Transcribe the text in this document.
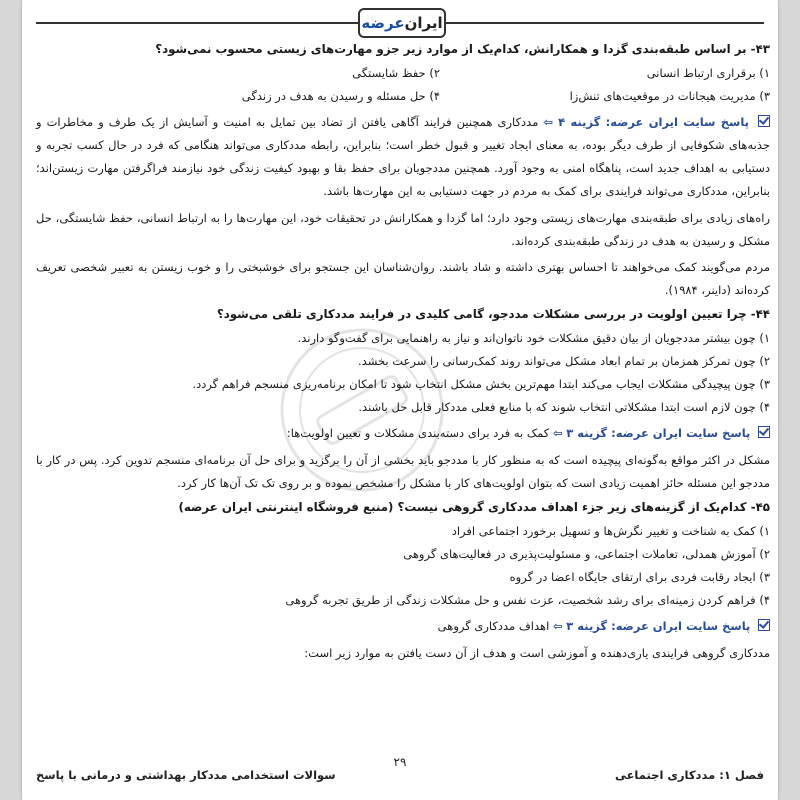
ایران
عرضه
۴۳- بر اساس طبقه‌بندی گزدا و همکارانش، کدام‌یک از موارد زیر جزو مهارت‌های زیستی محسوب نمی‌شود؟
۱) برقراری ارتباط انسانی
۲) حفظ شایستگی
۳) مدیریت هیجانات در موقعیت‌های تنش‌زا
۴) حل مسئله و رسیدن به هدف در زندگی
پاسخ سایت ایران عرضه: گزینه ۴ ⇦ مددکاری همچنین فرایند آگاهی یافتن از تضاد بین تمایل به امنیت و آسایش از یک طرف و مخاطرات و جذبه‌های شکوفایی از طرف دیگر بوده، به معنای ایجاد تغییر و قبول خطر است؛ بنابراین، رابطه مددکاری می‌تواند هنگامی که فرد در حال کسب تجربه و دستیابی به اهداف جدید است، پناهگاه امنی به وجود آورد. همچنین مددجویان برای حفظ بقا و بهبود کیفیت زندگی خود نیازمند فراگرفتن مهارت زیستن‌اند؛ بنابراین، مددکاری می‌تواند فرایندی برای کمک به مردم در جهت دستیابی به این مهارت‌ها باشد.
راه‌های زیادی برای طبقه‌بندی مهارت‌های زیستی وجود دارد؛ اما گزدا و همکارانش در تحقیقات خود، این مهارت‌ها را به ارتباط انسانی، حفظ شایستگی، حل مشکل و رسیدن به هدف در زندگی طبقه‌بندی کرده‌اند.
مردم می‌گویند کمک می‌خواهند تا احساس بهتری داشته و شاد باشند. روان‌شناسان این جستجو برای خوشبختی را و خوب زیستن به تعبیر شخصی تعریف کرده‌اند (داینر، ۱۹۸۴).
۴۴- چرا تعیین اولویت در بررسی مشکلات مددجو، گامی کلیدی در فرایند مددکاری تلقی می‌شود؟
۱) چون بیشتر مددجویان از بیان دقیق مشکلات خود ناتوان‌اند و نیاز به راهنمایی برای گفت‌وگو دارند.
۲) چون تمرکز همزمان بر تمام ابعاد مشکل می‌تواند روند کمک‌رسانی را سرعت بخشد.
۳) چون پیچیدگی مشکلات ایجاب می‌کند ابتدا مهم‌ترین بخش مشکل انتخاب شود تا امکان برنامه‌ریزی منسجم فراهم گردد.
۴) چون لازم است ابتدا مشکلاتی انتخاب شوند که با منابع فعلی مددکار قابل حل باشند.
پاسخ سایت ایران عرضه: گزینه ۳ ⇦ کمک به فرد برای دسته‌بندی مشکلات و تعیین اولویت‌ها:
مشکل در اکثر مواقع به‌گونه‌ای پیچیده است که به منظور کار با مددجو باید بخشی از آن را برگزید و برای حل آن برنامه‌ای منسجم تدوین کرد. پس در کار با مددجو این مسئله حائز اهمیت زیادی است که بتوان اولویت‌های کار با مشکل را مشخص نموده و بر روی تک تک آن‌ها کار کرد.
۴۵- کدام‌یک از گزینه‌های زیر جزء اهداف مددکاری گروهی نیست؟ (منبع فروشگاه اینترنتی ایران عرضه)
۱) کمک به شناخت و تغییر نگرش‌ها و تسهیل برخورد اجتماعی افراد
۲) آموزش همدلی، تعاملات اجتماعی، و مسئولیت‌پذیری در فعالیت‌های گروهی
۳) ایجاد رقابت فردی برای ارتقای جایگاه اعضا در گروه
۴) فراهم کردن زمینه‌ای برای رشد شخصیت، عزت نفس و حل مشکلات زندگی از طریق تجربه گروهی
پاسخ سایت ایران عرضه: گزینه ۳ ⇦ اهداف مددکاری گروهی
مددکاری گروهی فرایندی یاری‌دهنده و آموزشی است و هدف از آن دست یافتن به موارد زیر است:
۲۹
فصل ۱: مددکاری اجتماعی
سوالات استخدامی مددکار بهداشتی و درمانی با پاسخ
